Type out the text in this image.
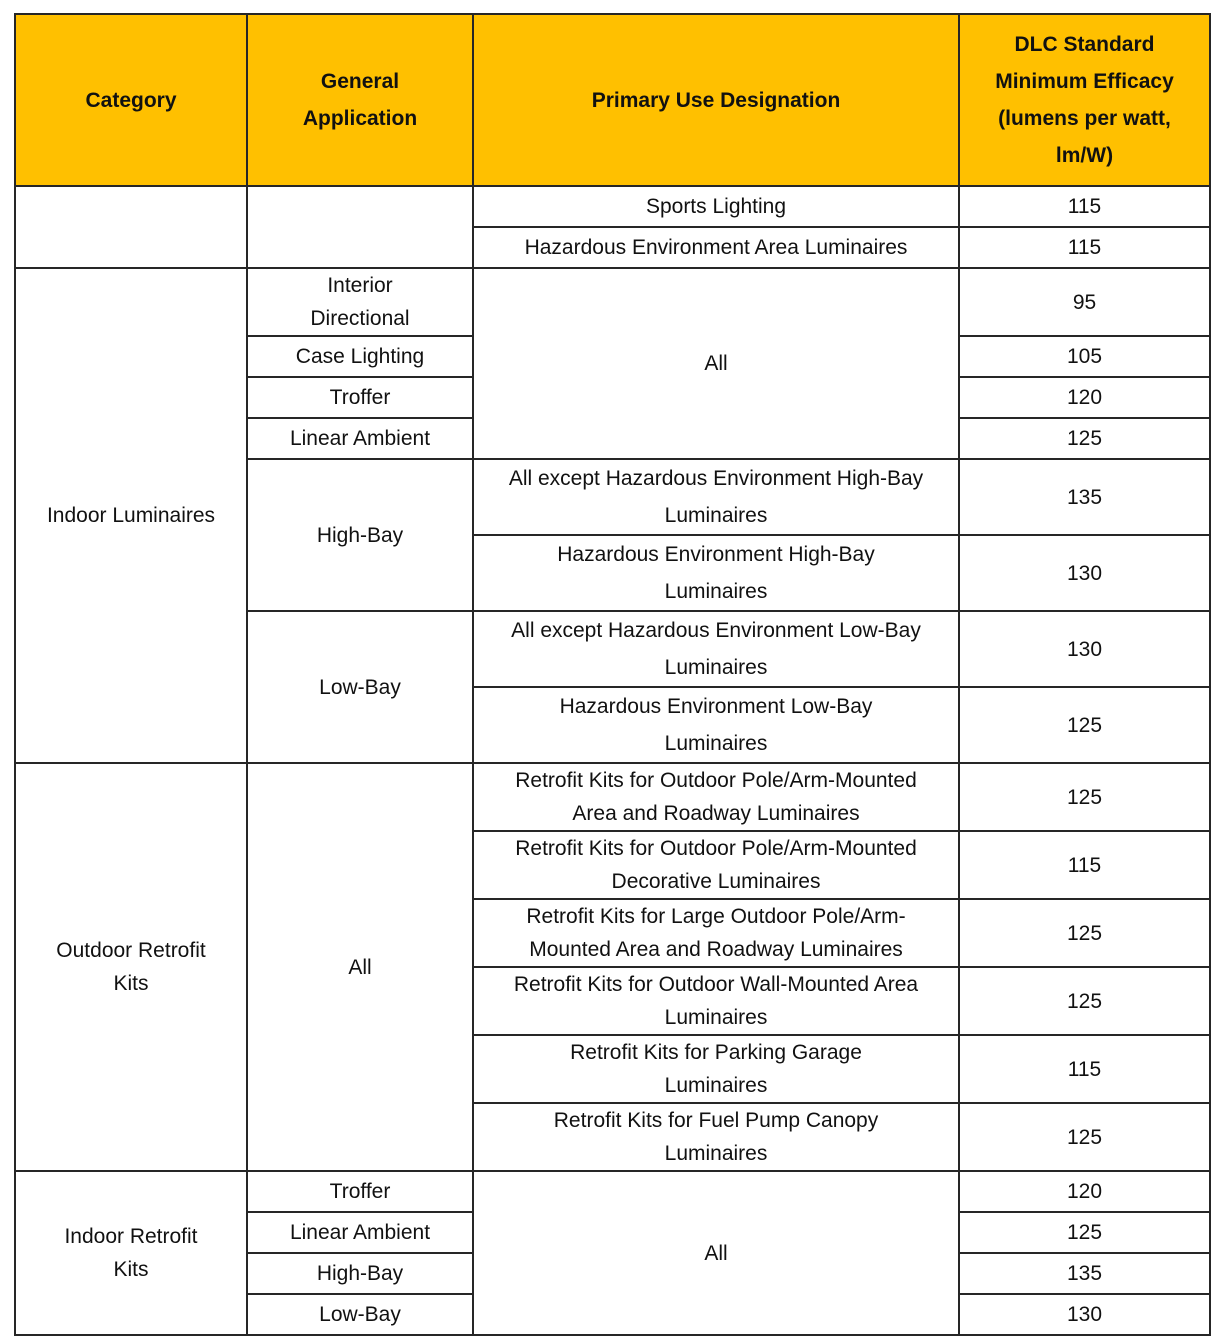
Category	General Application	Primary Use Designation	DLC Standard Minimum Efficacy (lumens per watt, lm/W)
		Sports Lighting	115
		Hazardous Environment Area Luminaires	115
Indoor Luminaires	Interior Directional	All	95
	Case Lighting		105
	Troffer		120
	Linear Ambient		125
	High-Bay	All except Hazardous Environment High-Bay Luminaires	135
		Hazardous Environment High-Bay Luminaires	130
	Low-Bay	All except Hazardous Environment Low-Bay Luminaires	130
		Hazardous Environment Low-Bay Luminaires	125
Outdoor Retrofit Kits	All	Retrofit Kits for Outdoor Pole/Arm-Mounted Area and Roadway Luminaires	125
		Retrofit Kits for Outdoor Pole/Arm-Mounted Decorative Luminaires	115
		Retrofit Kits for Large Outdoor Pole/Arm-Mounted Area and Roadway Luminaires	125
		Retrofit Kits for Outdoor Wall-Mounted Area Luminaires	125
		Retrofit Kits for Parking Garage Luminaires	115
		Retrofit Kits for Fuel Pump Canopy Luminaires	125
Indoor Retrofit Kits	Troffer	All	120
	Linear Ambient		125
	High-Bay		135
	Low-Bay		130
